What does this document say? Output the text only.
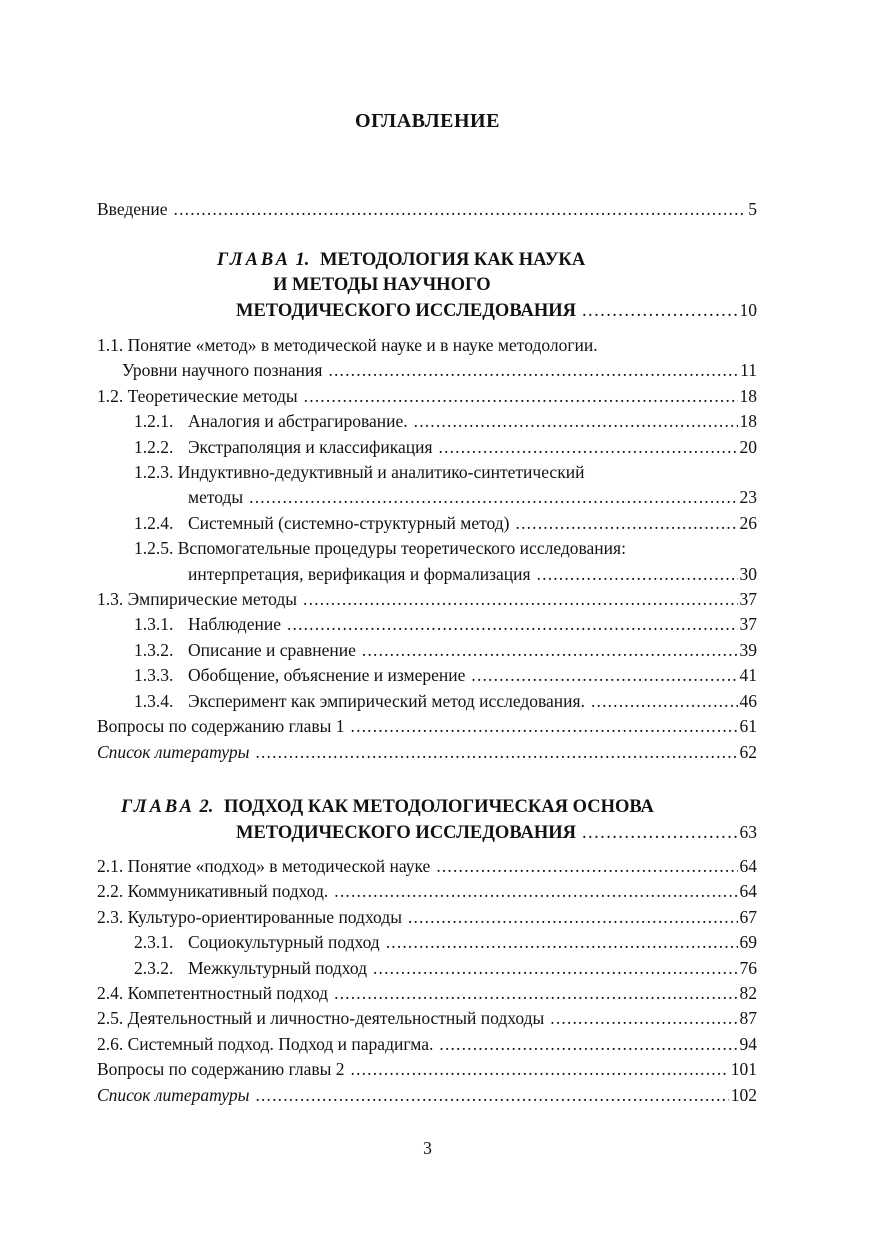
ОГЛАВЛЕНИЕ
Введение . . .	5
ГЛАВА 1. МЕТОДОЛОГИЯ КАК НАУКА
И МЕТОДЫ НАУЧНОГО
МЕТОДИЧЕСКОГО ИССЛЕДОВАНИЯ . . .	10
1.1. Понятие «метод» в методической науке и в науке методологии.
Уровни научного познания . . .	11
1.2. Теоретические методы . . .	18
1.2.1. Аналогия и абстрагирование. . . .	18
1.2.2. Экстраполяция и классификация . . .	20
1.2.3. Индуктивно-дедуктивный и аналитико-синтетический
методы . . .	23
1.2.4. Системный (системно-структурный метод) . . .	26
1.2.5. Вспомогательные процедуры теоретического исследования:
интерпретация, верификация и формализация . . .	30
1.3. Эмпирические методы . . .	37
1.3.1. Наблюдение . . .	37
1.3.2. Описание и сравнение . . .	39
1.3.3. Обобщение, объяснение и измерение . . .	41
1.3.4. Эксперимент как эмпирический метод исследования. . . .	46
Вопросы по содержанию главы 1 . . .	61
Список литературы . . .	62
ГЛАВА 2. ПОДХОД КАК МЕТОДОЛОГИЧЕСКАЯ ОСНОВА
МЕТОДИЧЕСКОГО ИССЛЕДОВАНИЯ . . .	63
2.1. Понятие «подход» в методической науке . . .	64
2.2. Коммуникативный подход. . . .	64
2.3. Культуро-ориентированные подходы . . .	67
2.3.1. Социокультурный подход . . .	69
2.3.2. Межкультурный подход . . .	76
2.4. Компетентностный подход . . .	82
2.5. Деятельностный и личностно-деятельностный подходы . . .	87
2.6. Системный подход. Подход и парадигма. . . .	94
Вопросы по содержанию главы 2 . . .	101
Список литературы . . .	102
3
